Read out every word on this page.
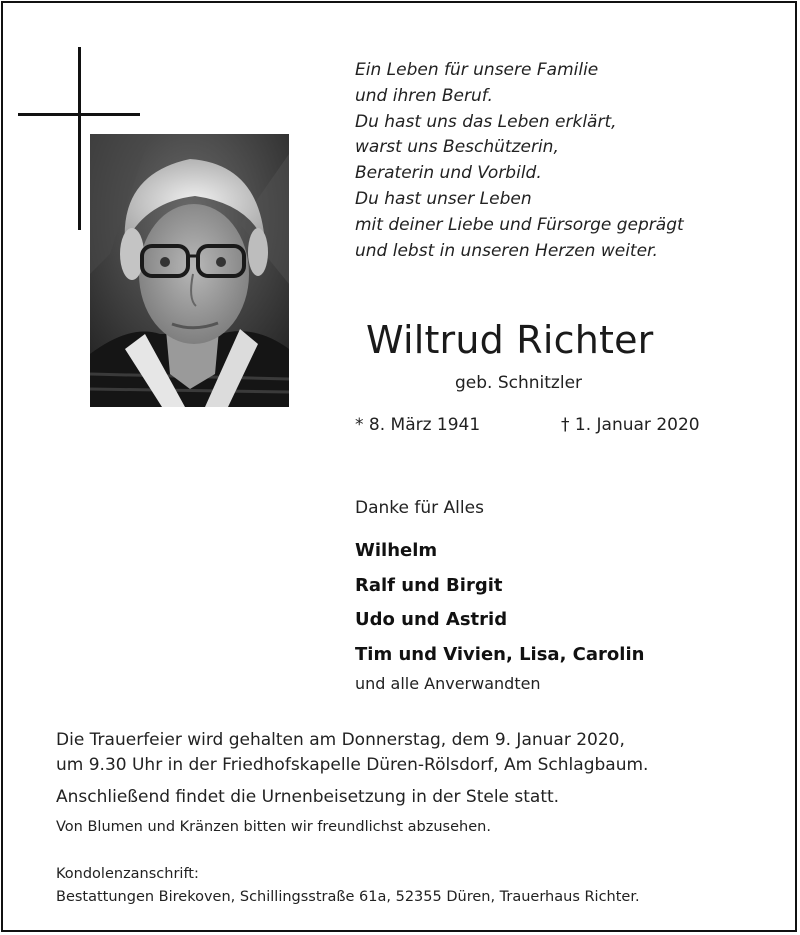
Ein Leben für unsere Familie
und ihren Beruf.
Du hast uns das Leben erklärt,
warst uns Beschützerin,
Beraterin und Vorbild.
Du hast unser Leben
mit deiner Liebe und Fürsorge geprägt
und lebst in unseren Herzen weiter.
Wiltrud Richter
geb. Schnitzler
* 8. März 1941	† 1. Januar 2020
Danke für Alles
Wilhelm
Ralf und Birgit
Udo und Astrid
Tim und Vivien, Lisa, Carolin
und alle Anverwandten
Die Trauerfeier wird gehalten am Donnerstag, dem 9. Januar 2020,
um 9.30 Uhr in der Friedhofskapelle Düren-Rölsdorf, Am Schlagbaum.
Anschließend findet die Urnenbeisetzung in der Stele statt.
Von Blumen und Kränzen bitten wir freundlichst abzusehen.
Kondolenzanschrift:
Bestattungen Birekoven, Schillingsstraße 61a, 52355 Düren, Trauerhaus Richter.
